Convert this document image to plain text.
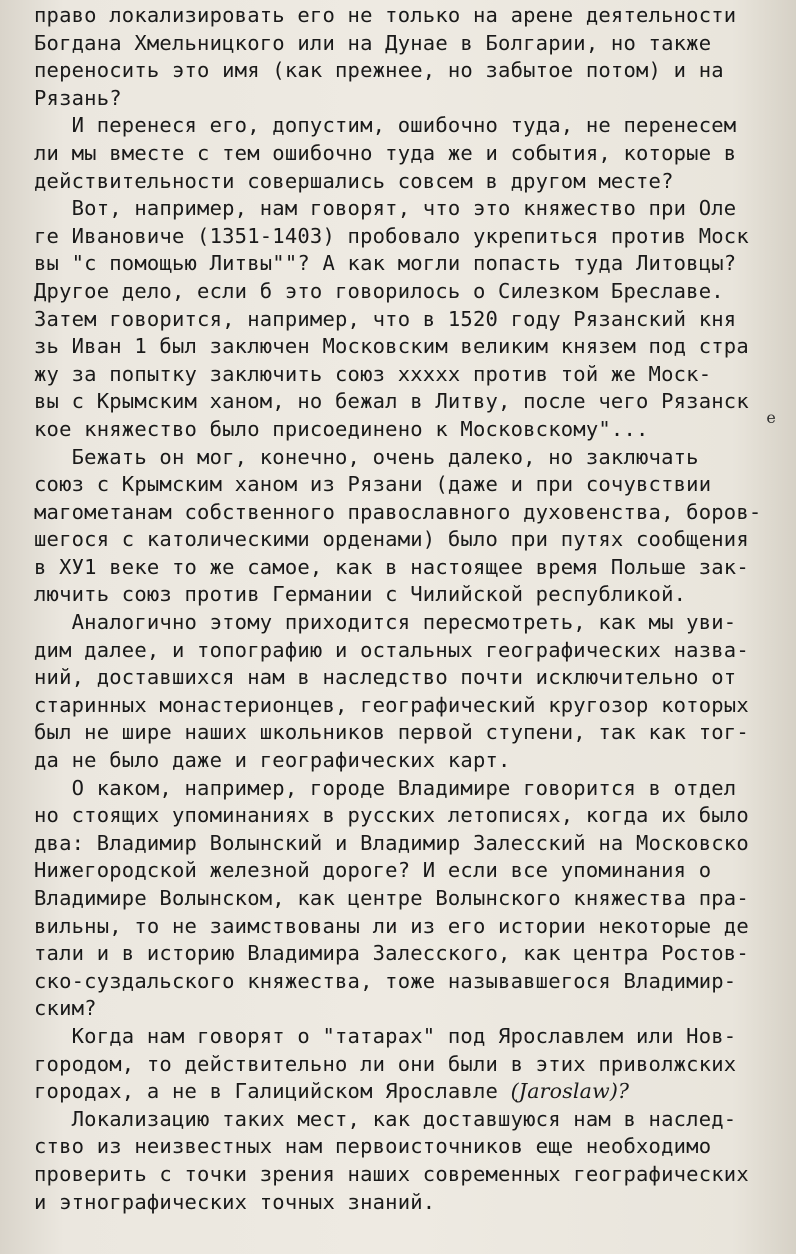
право локализировать его не только на арене деятельности
Богдана Хмельницкого или на Дунае в Болгарии, но также
переносить это имя (как прежнее, но забытое потом) и на
Рязань?
И перенеся его, допустим, ошибочно туда, не перенесем
ли мы вместе с тем ошибочно туда же и события, которые в
действительности совершались совсем в другом месте?
Вот, например, нам говорят, что это княжество при Оле
ге Ивановиче (1351-1403) пробовало укрепиться против Моск
вы "с помощью Литвы""? А как могли попасть туда Литовцы?
Другое дело, если б это говорилось о Силезком Бреславе.
Затем говорится, например, что в 1520 году Рязанский кня
зь Иван 1 был заключен Московским великим князем под стра
жу за попытку заключить союз xxxxx против той же Моск-
вы с Крымским ханом, но бежал в Литву, после чего Рязанск
кое княжество было присоединено к Московскому"...
Бежать он мог, конечно, очень далеко, но заключать
союз с Крымским ханом из Рязани (даже и при сочувствии
магометанам собственного православного духовенства, боров-
шегося с католическими орденами) было при путях сообщения
в ХУ1 веке то же самое, как в настоящее время Польше зак-
лючить союз против Германии с Чилийской республикой.
Аналогично этому приходится пересмотреть, как мы уви-
дим далее, и топографию и остальных географических назва-
ний, доставшихся нам в наследство почти исключительно от
старинных монастерионцев, географический кругозор которых
был не шире наших школьников первой ступени, так как тог-
да не было даже и географических карт.
О каком, например, городе Владимире говорится в отдел
но стоящих упоминаниях в русских летописях, когда их было
два: Владимир Волынский и Владимир Залесский на Московско
Нижегородской железной дороге? И если все упоминания о
Владимире Волынском, как центре Волынского княжества пра-
вильны, то не заимствованы ли из его истории некоторые де
тали и в историю Владимира Залесского, как центра Ростов-
ско-суздальского княжества, тоже называвшегося Владимир-
ским?
Когда нам говорят о "татарах" под Ярославлем или Нов-
городом, то действительно ли они были в этих приволжских
городах, а не в Галицийском Ярославле (Jaroslaw)?
Локализацию таких мест, как доставшуюся нам в наслед-
ство из неизвестных нам первоисточников еще необходимо
проверить с точки зрения наших современных географических
и этнографических точных знаний.
е
